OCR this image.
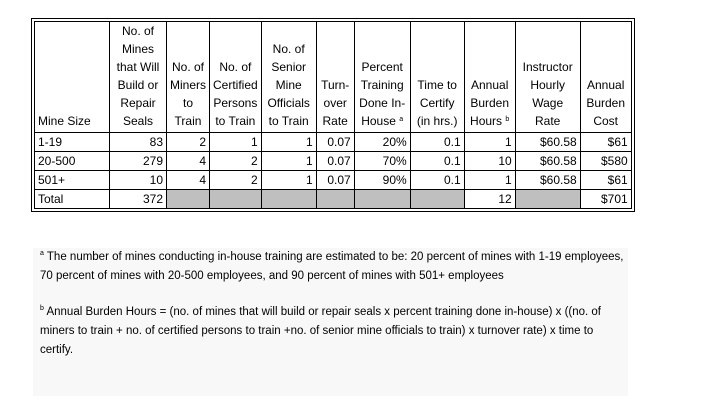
Mine Size	No. of Mines that Will Build or Repair Seals	No. of Miners to Train	No. of Certified Persons to Train	No. of Senior Mine Officials to Train	Turn- over Rate	Percent Training Done In-House $^a$	Time to Certify (in hrs.)	Annual Burden Hours $^b$	Instructor Hourly Wage Rate	Annual Burden Cost
1-19	83	2	1	1	0.07	20%	0.1	1	$60.58	$61
20-500	279	4	2	1	0.07	70%	0.1	10	$60.58	$580
501+	10	4	2	1	0.07	90%	0.1	1	$60.58	$61
Total	372							12		$701

$^a$ The number of mines conducting in-house training are estimated to be: 20 percent of mines with 1-19 employees, 70 percent of mines with 20-500 employees, and 90 percent of mines with 501+ employees

$^b$ Annual Burden Hours = (no. of mines that will build or repair seals x percent training done in-house) x ((no. of miners to train + no. of certified persons to train +no. of senior mine officials to train) x turnover rate) x time to certify.
